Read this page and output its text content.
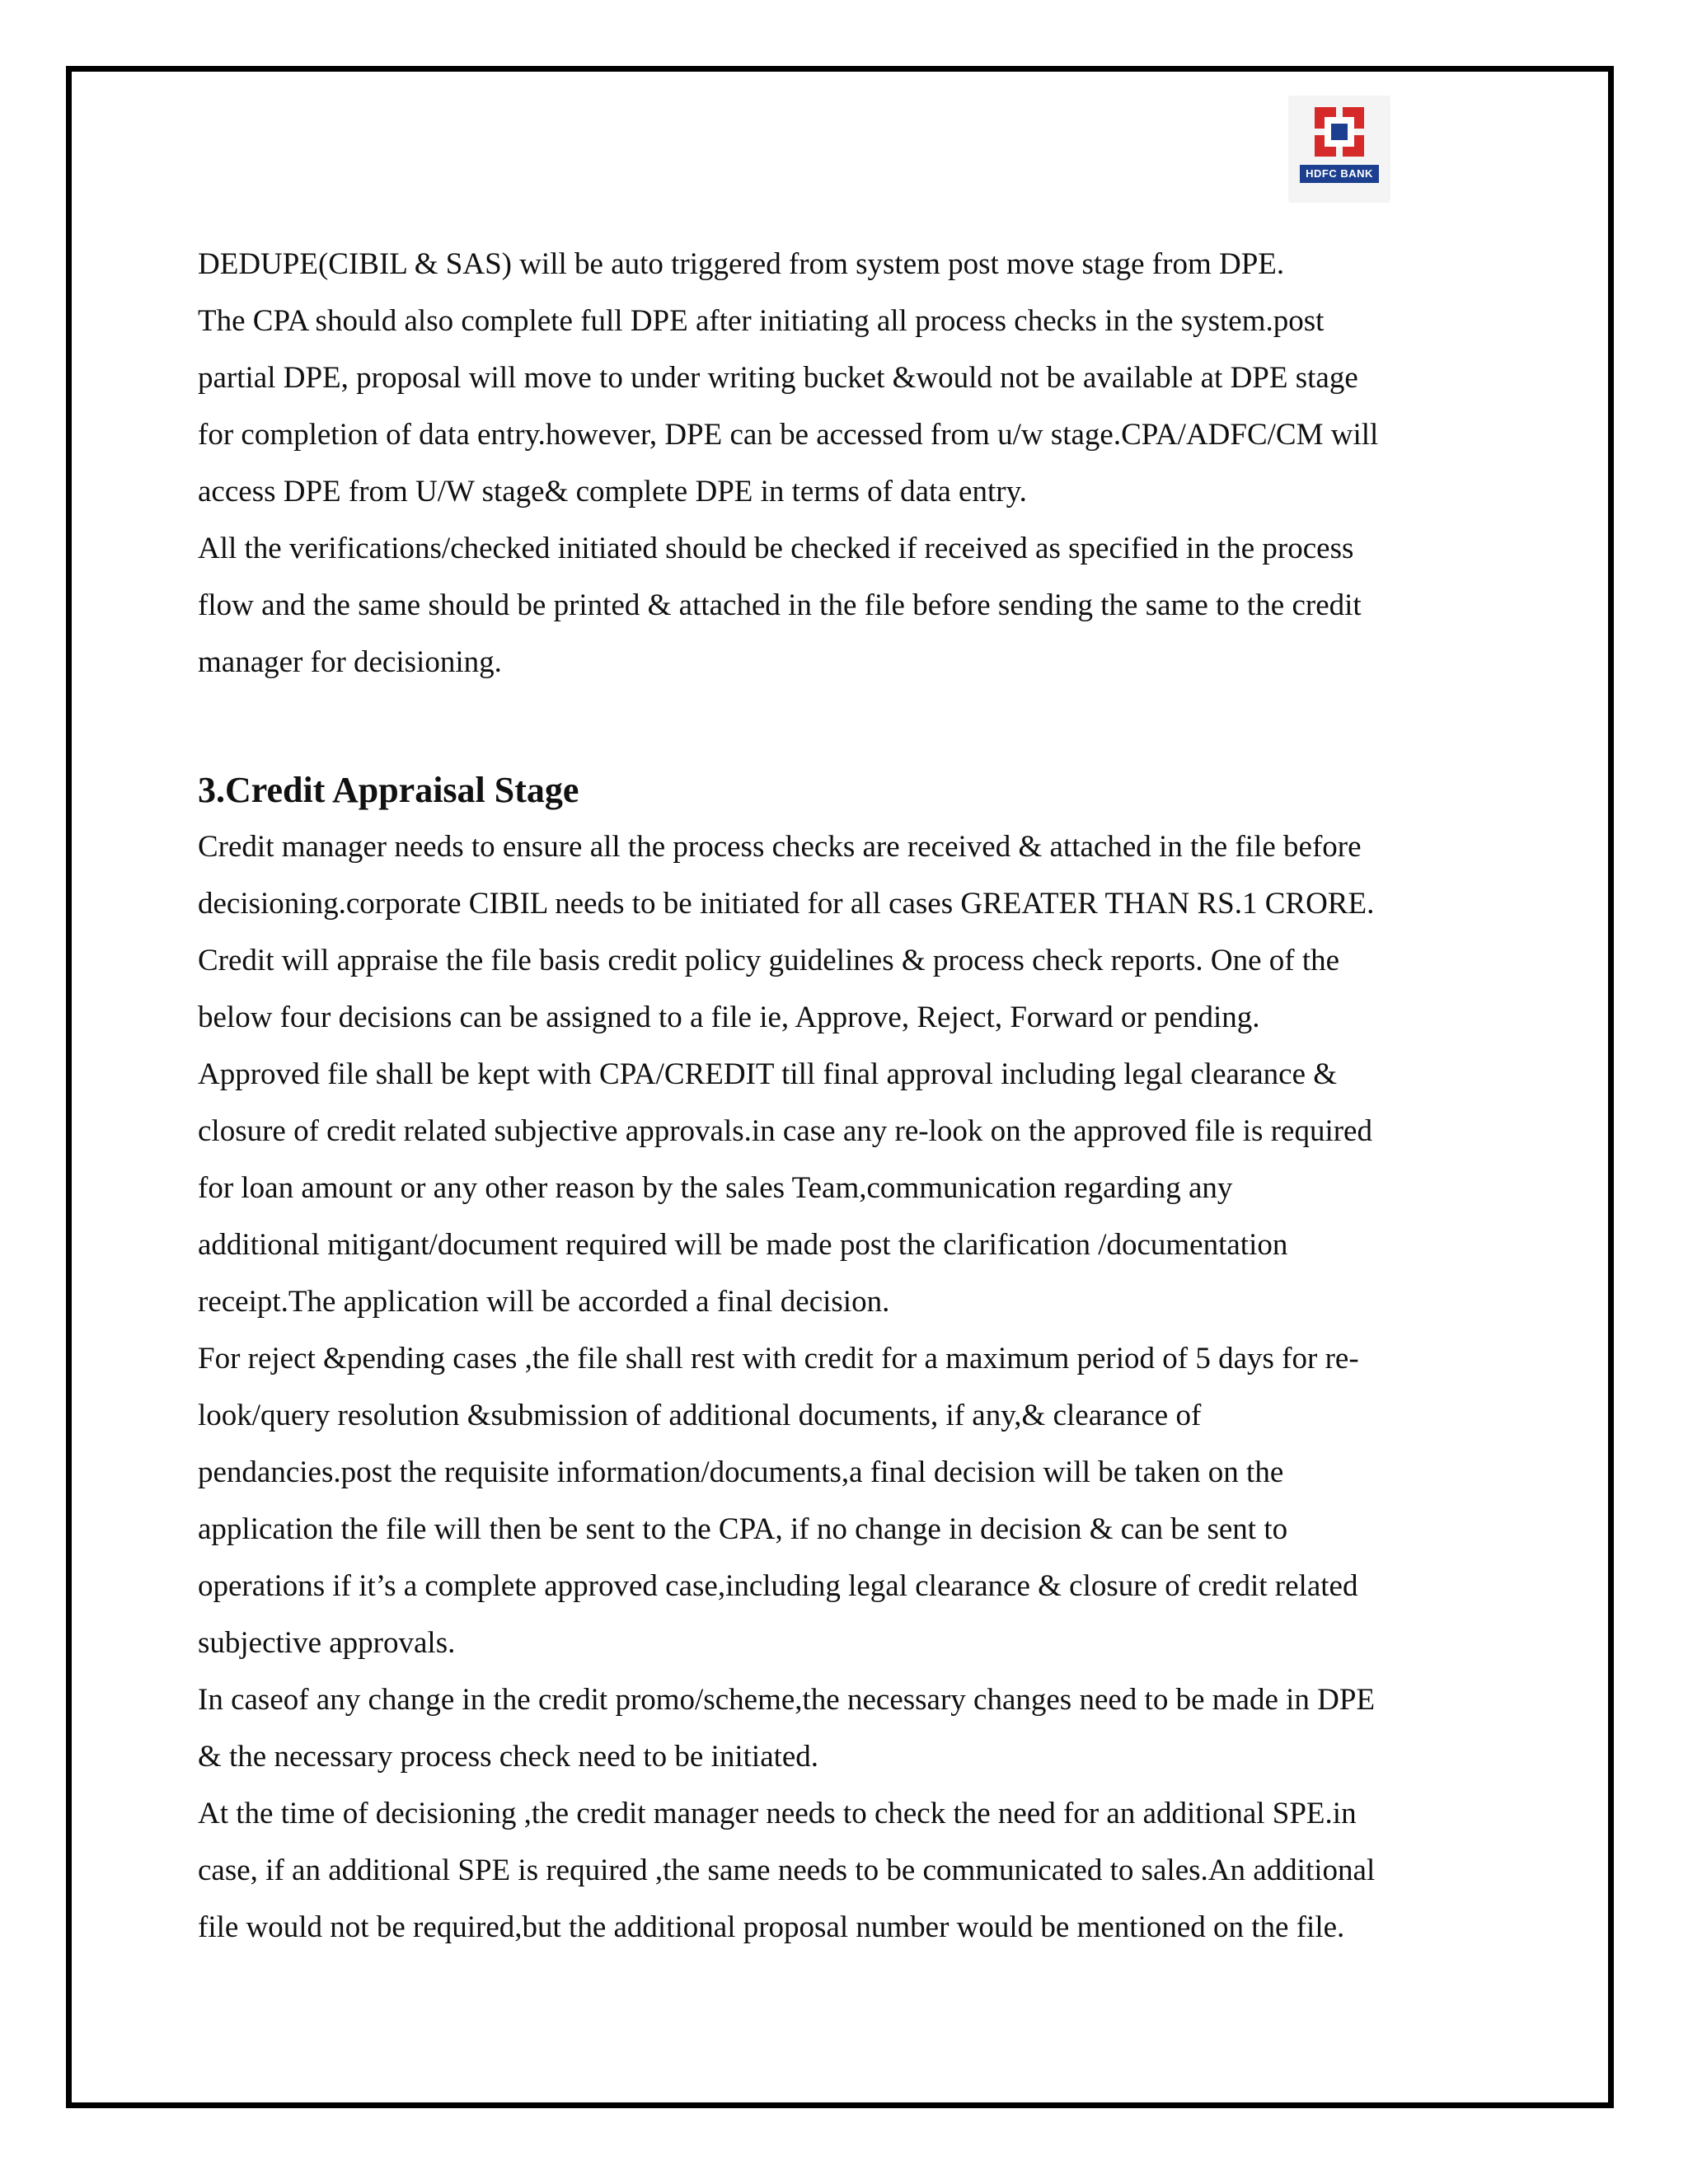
HDFC BANK

DEDUPE(CIBIL & SAS) will be auto triggered from system post move stage from DPE.

The CPA should also complete full DPE after initiating all process checks in the system.post
partial DPE, proposal will move to under writing bucket &would not be available at DPE stage
for completion of data entry.however, DPE can be accessed from u/w stage.CPA/ADFC/CM will
access DPE from U/W stage& complete DPE in terms of data entry.

All the verifications/checked initiated should be checked if received as specified in the process
flow and the same should be printed & attached in the file before sending the same to the credit
manager for decisioning.

3.Credit Appraisal Stage

Credit manager needs to ensure all the process checks are received & attached in the file before
decisioning.corporate CIBIL needs to be initiated for all cases GREATER THAN RS.1 CRORE.
Credit will appraise the file basis credit policy guidelines & process check reports. One of the
below four decisions can be assigned to a file ie, Approve, Reject, Forward or pending.
Approved file shall be kept with CPA/CREDIT till final approval including legal clearance &
closure of credit related subjective approvals.in case any re-look on the approved file is required
for loan amount or any other reason by the sales Team,communication regarding any
additional mitigant/document required will be made post the clarification /documentation
receipt.The application will be accorded a final decision.

For reject &pending cases ,the file shall rest with credit for a maximum period of 5 days for re-
look/query resolution &submission of additional documents, if any,& clearance of
pendancies.post the requisite information/documents,a final decision will be taken on the
application the file will then be sent to the CPA, if no change in decision & can be sent to
operations if it’s a complete approved case,including legal clearance & closure of credit related
subjective approvals.

In caseof any change in the credit promo/scheme,the necessary changes need to be made in DPE
& the necessary process check need to be initiated.

At the time of decisioning ,the credit manager needs to check the need for an additional SPE.in
case, if an additional SPE is required ,the same needs to be communicated to sales.An additional
file would not be required,but the additional proposal number would be mentioned on the file.
